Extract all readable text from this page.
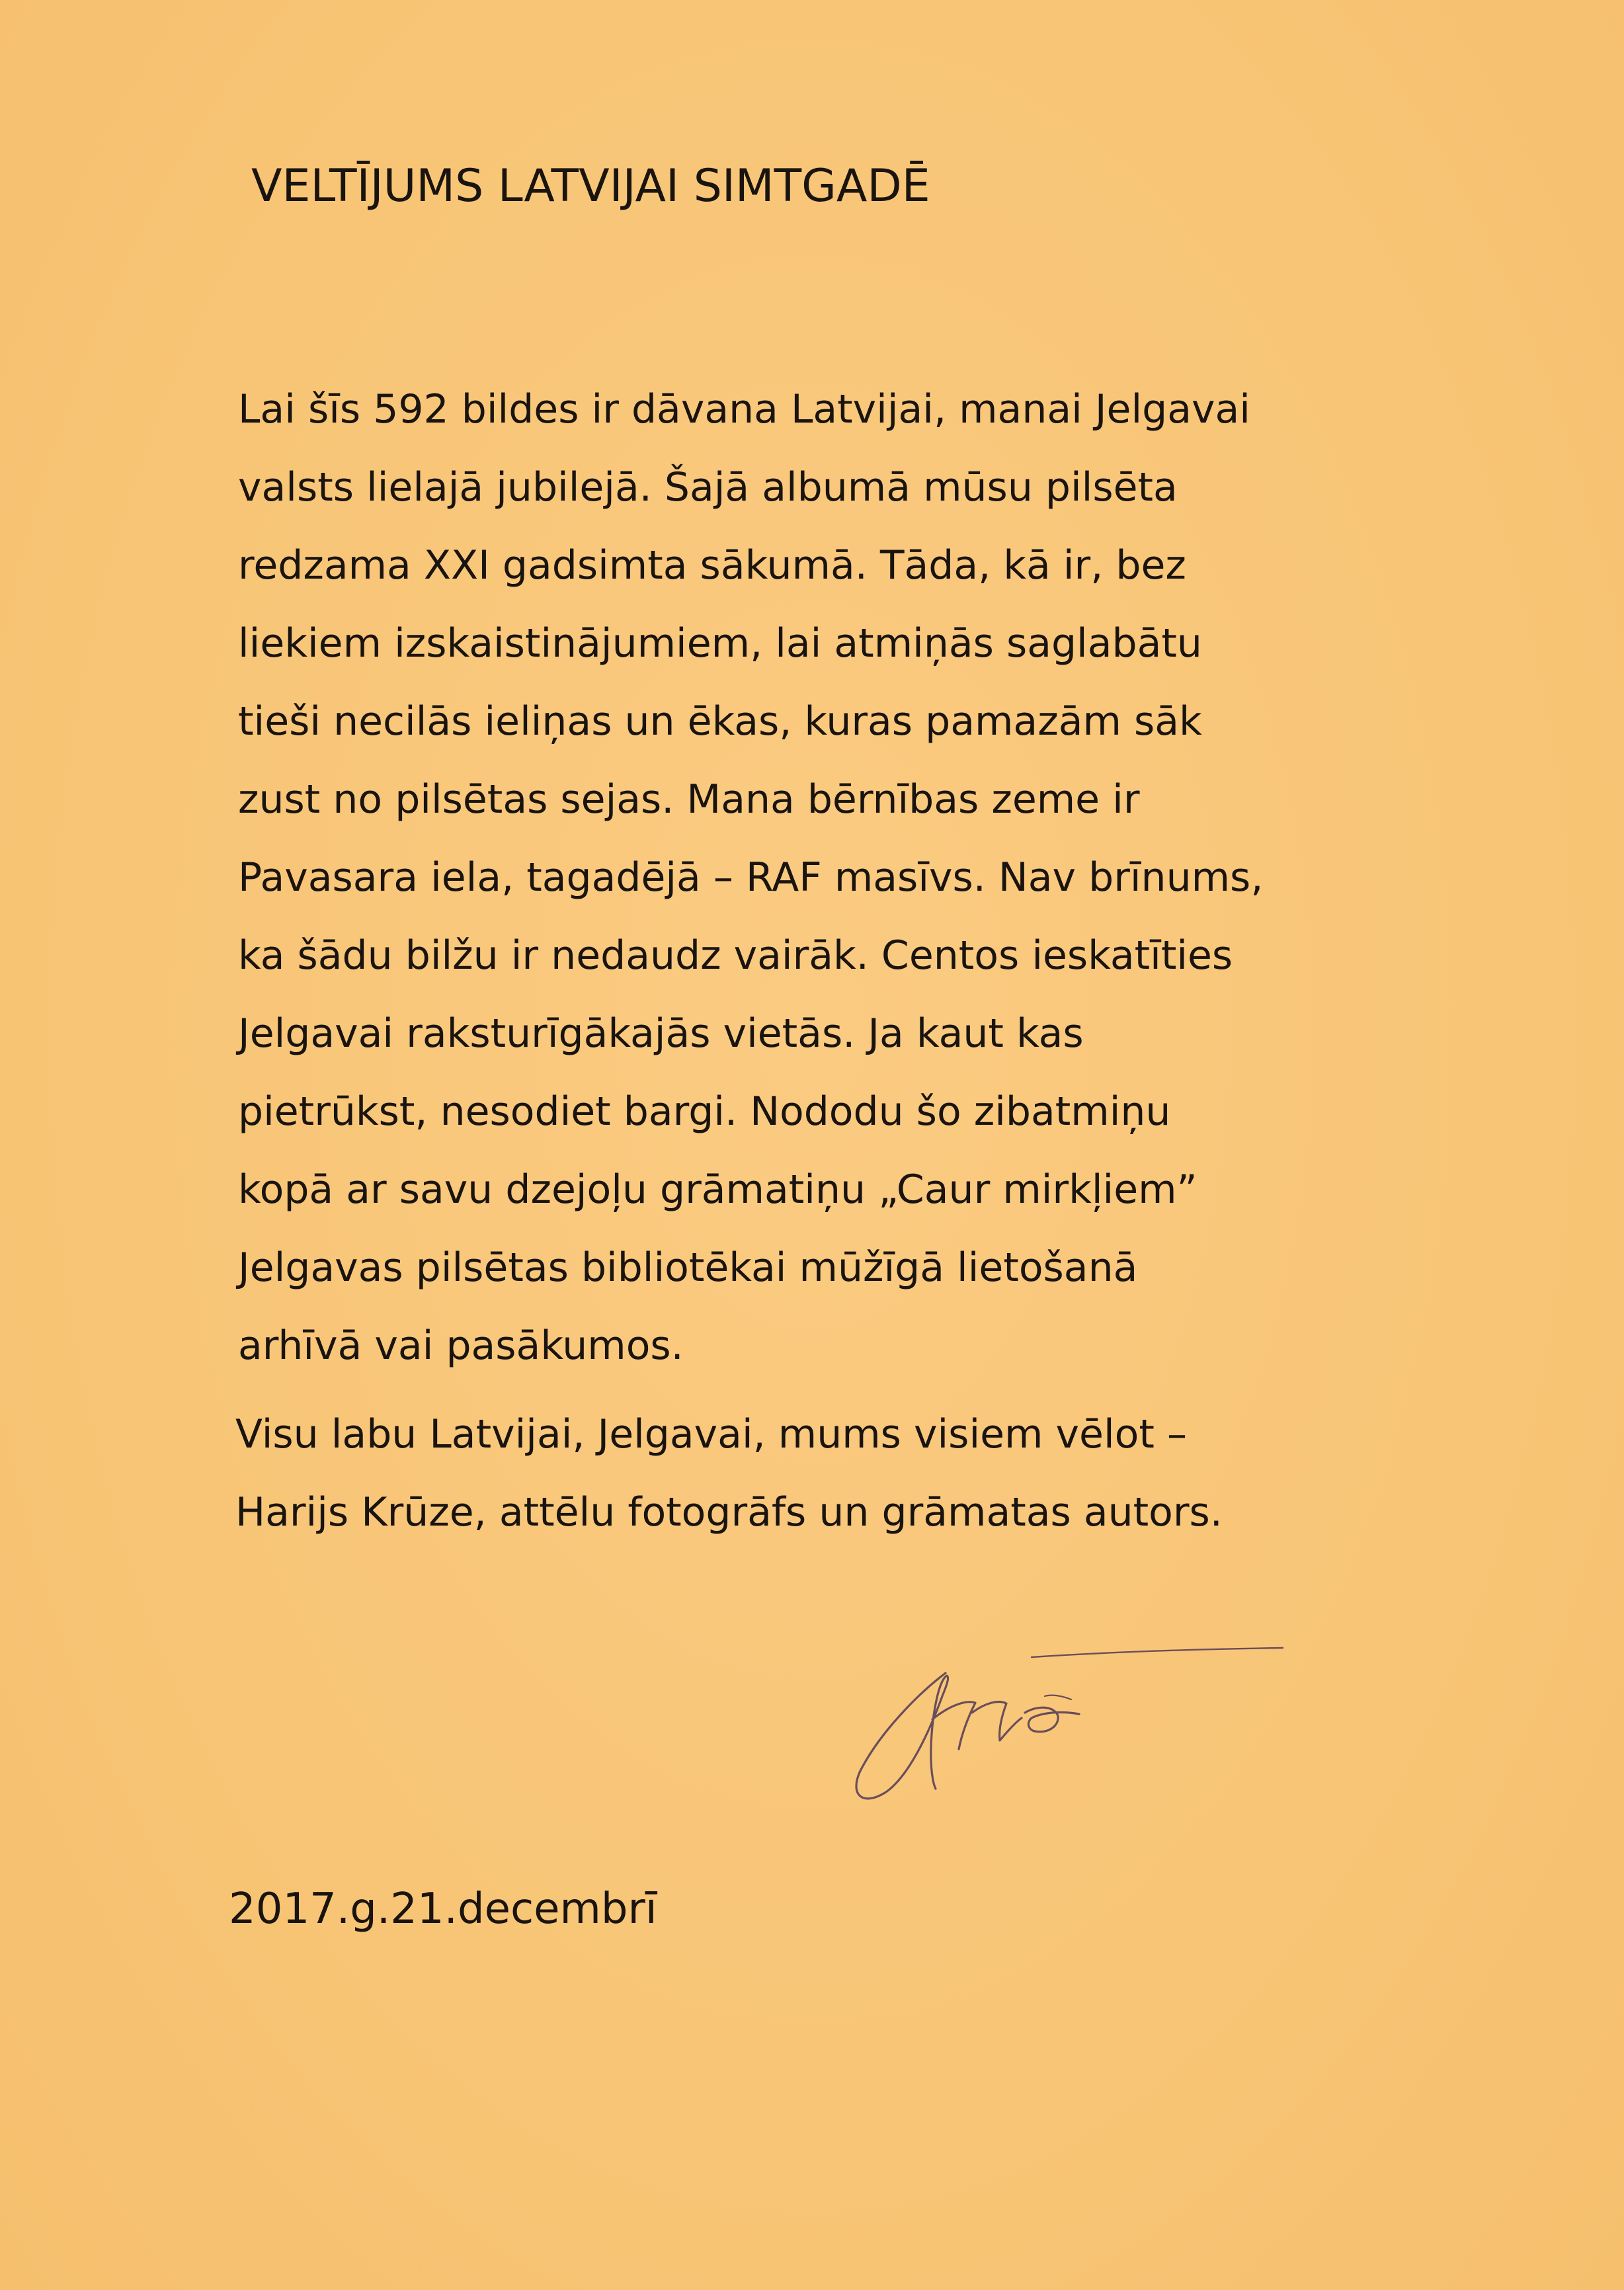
VELTĪJUMS LATVIJAI SIMTGADĒ
Lai šīs 592 bildes ir dāvana Latvijai, manai Jelgavai
valsts lielajā jubilejā. Šajā albumā mūsu pilsēta
redzama XXI gadsimta sākumā. Tāda, kā ir, bez
liekiem izskaistinājumiem, lai atmiņās saglabātu
tieši necilās ieliņas un ēkas, kuras pamazām sāk
zust no pilsētas sejas. Mana bērnības zeme ir
Pavasara iela, tagadējā – RAF masīvs. Nav brīnums,
ka šādu bilžu ir nedaudz vairāk. Centos ieskatīties
Jelgavai raksturīgākajās vietās. Ja kaut kas
pietrūkst, nesodiet bargi. Nododu šo zibatmiņu
kopā ar savu dzejoļu grāmatiņu „Caur mirkļiem”
Jelgavas pilsētas bibliotēkai mūžīgā lietošanā
arhīvā vai pasākumos.
Visu labu Latvijai, Jelgavai, mums visiem vēlot –
Harijs Krūze, attēlu fotogrāfs un grāmatas autors.
2017.g.21.decembrī
